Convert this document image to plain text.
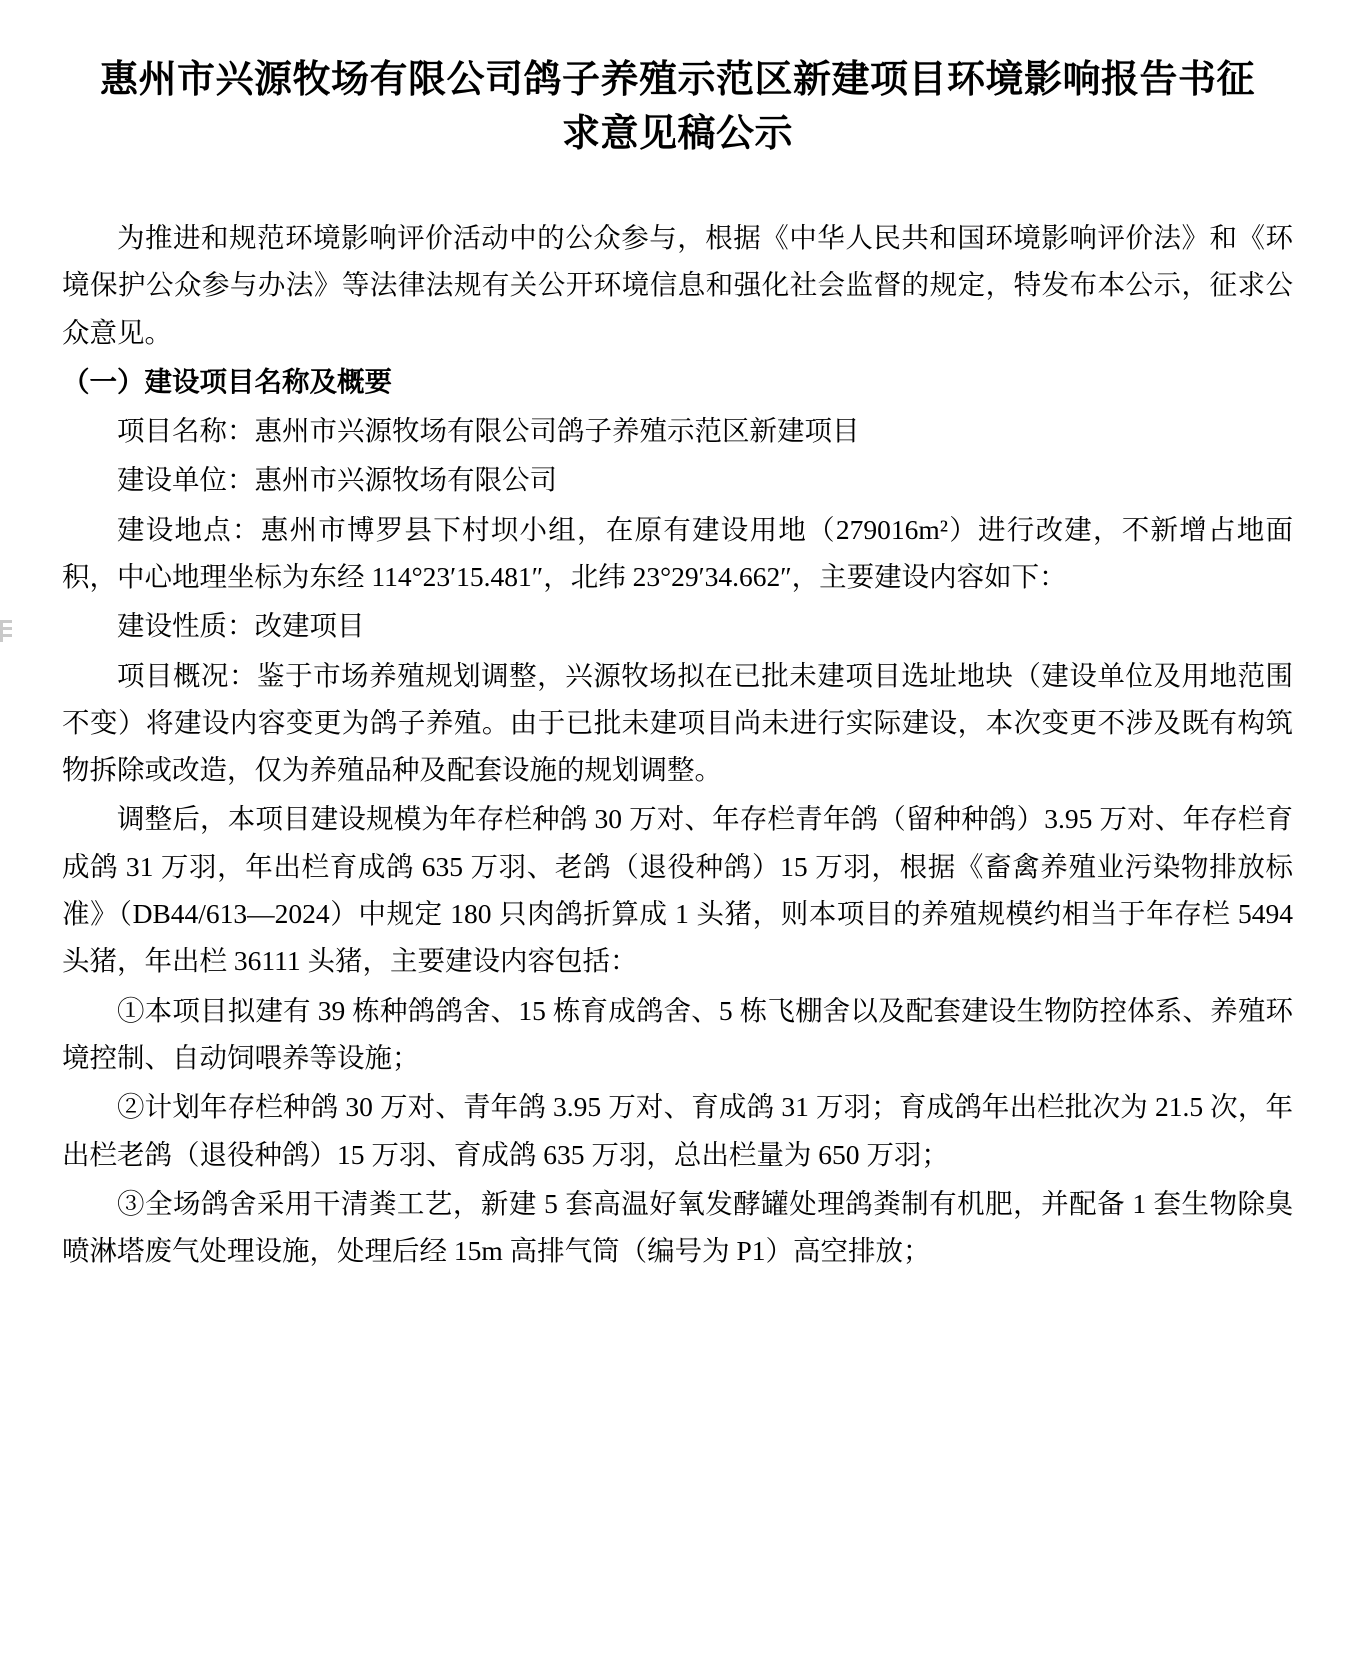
惠州市兴源牧场有限公司鸽子养殖示范区新建项目环境影响报告书征求意见稿公示

为推进和规范环境影响评价活动中的公众参与，根据《中华人民共和国环境影响评价法》和《环境保护公众参与办法》等法律法规有关公开环境信息和强化社会监督的规定，特发布本公示，征求公众意见。

（一）建设项目名称及概要

项目名称：惠州市兴源牧场有限公司鸽子养殖示范区新建项目

建设单位：惠州市兴源牧场有限公司

建设地点：惠州市博罗县下村坝小组，在原有建设用地（279016m²）进行改建，不新增占地面积，中心地理坐标为东经 114°23′15.481″，北纬 23°29′34.662″，主要建设内容如下：

建设性质：改建项目

项目概况：鉴于市场养殖规划调整，兴源牧场拟在已批未建项目选址地块（建设单位及用地范围不变）将建设内容变更为鸽子养殖。由于已批未建项目尚未进行实际建设，本次变更不涉及既有构筑物拆除或改造，仅为养殖品种及配套设施的规划调整。

调整后，本项目建设规模为年存栏种鸽 30 万对、年存栏青年鸽（留种种鸽）3.95 万对、年存栏育成鸽 31 万羽，年出栏育成鸽 635 万羽、老鸽（退役种鸽）15 万羽，根据《畜禽养殖业污染物排放标准》（DB44/613—2024）中规定 180 只肉鸽折算成 1 头猪，则本项目的养殖规模约相当于年存栏 5494 头猪，年出栏 36111 头猪，主要建设内容包括：

①本项目拟建有 39 栋种鸽鸽舍、15 栋育成鸽舍、5 栋飞棚舍以及配套建设生物防控体系、养殖环境控制、自动饲喂养等设施；

②计划年存栏种鸽 30 万对、青年鸽 3.95 万对、育成鸽 31 万羽；育成鸽年出栏批次为 21.5 次，年出栏老鸽（退役种鸽）15 万羽、育成鸽 635 万羽，总出栏量为 650 万羽；

③全场鸽舍采用干清粪工艺，新建 5 套高温好氧发酵罐处理鸽粪制有机肥，并配备 1 套生物除臭喷淋塔废气处理设施，处理后经 15m 高排气筒（编号为 P1）高空排放；
